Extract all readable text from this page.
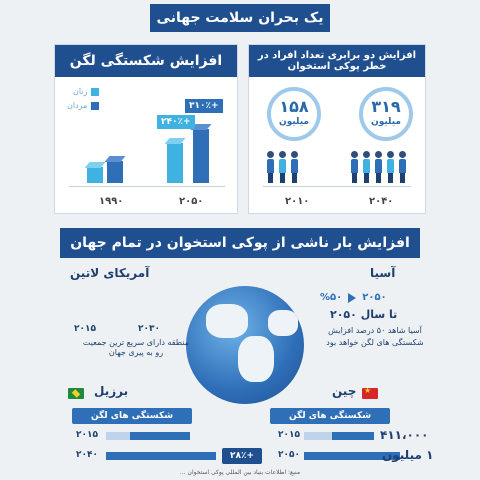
یک بحران سلامت جهانی
افزایش دو برابری تعداد افراد در خطر پوکی استخوان
۳۱۹
میلیون
۱۵۸
میلیون
۲۰۱۰	۲۰۴۰
افزایش شکستگی لگن
زنان
مردان
+۲۴۰٪
+۳۱۰٪
۱۹۹۰	۲۰۵۰
افزایش بار ناشی از پوکی استخوان در تمام جهان
آمریکای لاتین
۲۰۱۵	۲۰۳۰
منطقه دارای سریع ترین جمعیت رو به پیری جهان
برزیل
شکستگی های لگن
۲۰۱۵
۲۰۴۰	+۲۸٪
آسیا
۲۰۵۰
%۵۰
تا سال ۲۰۵۰
آسیا شاهد ۵۰ درصد افزایش
شکستگی های لگن خواهد بود
★
چین
شکستگی های لگن
۲۰۱۵
۲۰۵۰
۴۱۱،۰۰۰
۱ میلیون
منبع: اطلاعات بنیاد بین المللی پوکی استخوان ...
